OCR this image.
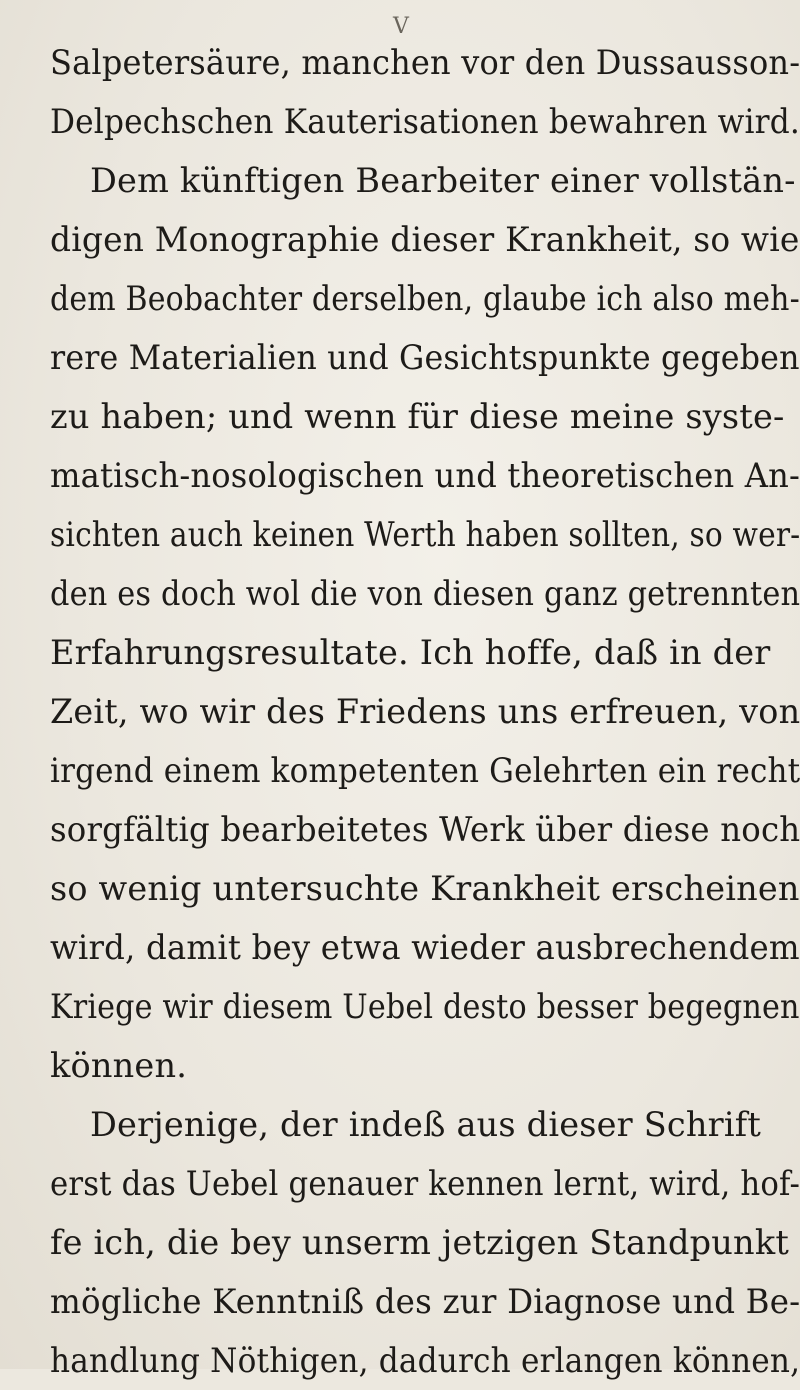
V
Salpetersäure, manchen vor den Dussausson-
Delpechschen Kauterisationen bewahren wird.
Dem künftigen Bearbeiter einer vollstän-
digen Monographie dieser Krankheit, so wie
dem Beobachter derselben, glaube ich also meh-
rere Materialien und Gesichtspunkte gegeben
zu haben; und wenn für diese meine syste-
matisch-nosologischen und theoretischen An-
sichten auch keinen Werth haben sollten, so wer-
den es doch wol die von diesen ganz getrennten
Erfahrungsresultate. Ich hoffe, daß in der
Zeit, wo wir des Friedens uns erfreuen, von
irgend einem kompetenten Gelehrten ein recht
sorgfältig bearbeitetes Werk über diese noch
so wenig untersuchte Krankheit erscheinen
wird, damit bey etwa wieder ausbrechendem
Kriege wir diesem Uebel desto besser begegnen
können.
Derjenige, der indeß aus dieser Schrift
erst das Uebel genauer kennen lernt, wird, hof-
fe ich, die bey unserm jetzigen Standpunkt
mögliche Kenntniß des zur Diagnose und Be-
handlung Nöthigen, dadurch erlangen können,
